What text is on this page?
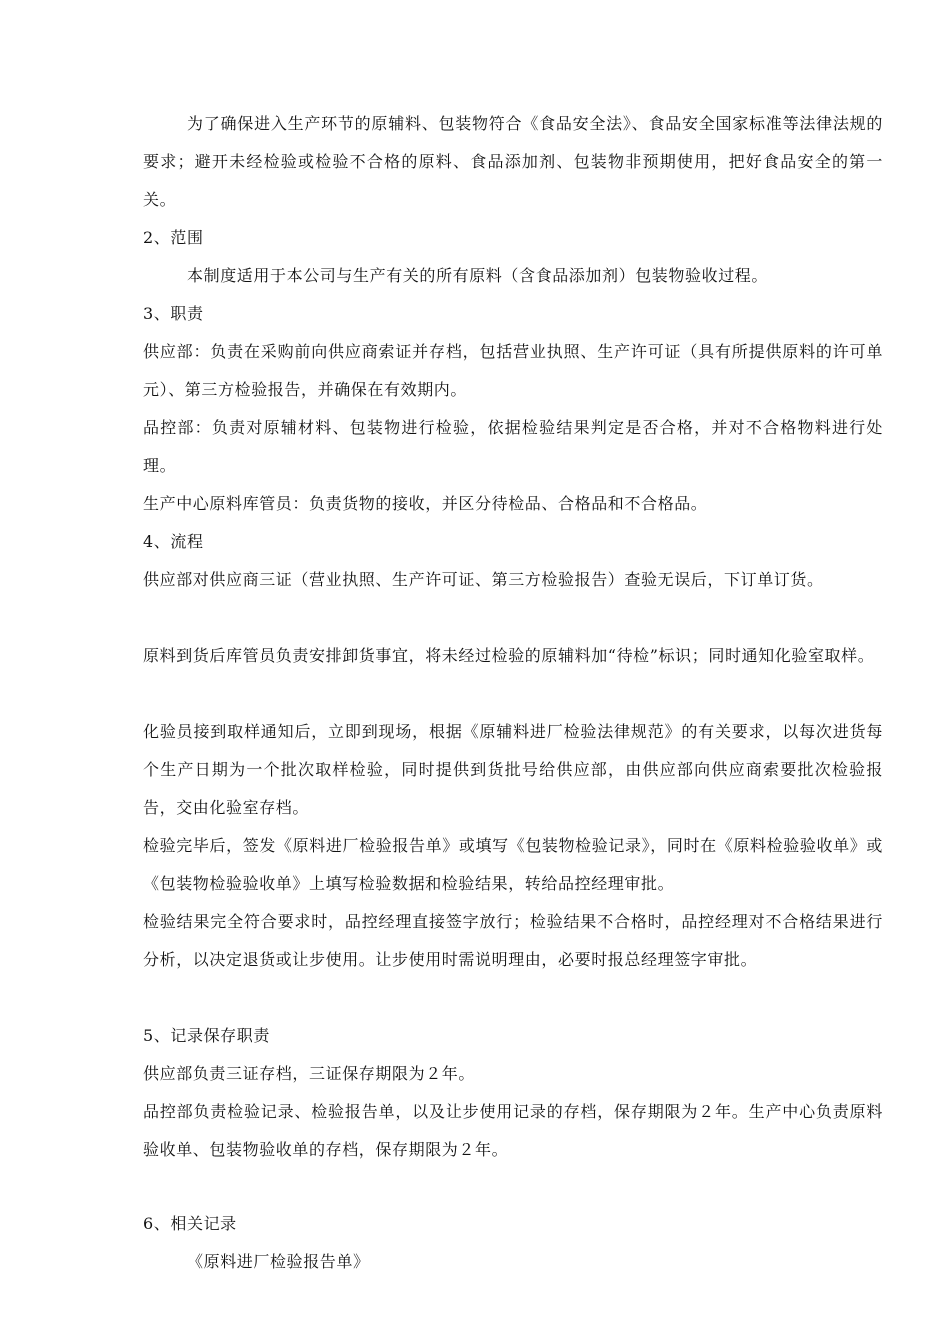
为了确保进入生产环节的原辅料、包装物符合《食品安全法》、食品安全国家标准等法律法规的要求；避开未经检验或检验不合格的原料、食品添加剂、包装物非预期使用，把好食品安全的第一关。

2、范围

本制度适用于本公司与生产有关的所有原料（含食品添加剂）包装物验收过程。

3、职责

供应部：负责在采购前向供应商索证并存档，包括营业执照、生产许可证（具有所提供原料的许可单元）、第三方检验报告，并确保在有效期内。

品控部：负责对原辅材料、包装物进行检验，依据检验结果判定是否合格，并对不合格物料进行处理。

生产中心原料库管员：负责货物的接收，并区分待检品、合格品和不合格品。

4、流程

供应部对供应商三证（营业执照、生产许可证、第三方检验报告）查验无误后，下订单订货。

原料到货后库管员负责安排卸货事宜，将未经过检验的原辅料加“待检”标识；同时通知化验室取样。

化验员接到取样通知后，立即到现场，根据《原辅料进厂检验法律规范》的有关要求，以每次进货每个生产日期为一个批次取样检验，同时提供到货批号给供应部，由供应部向供应商索要批次检验报告，交由化验室存档。

检验完毕后，签发《原料进厂检验报告单》或填写《包装物检验记录》，同时在《原料检验验收单》或《包装物检验验收单》上填写检验数据和检验结果，转给品控经理审批。

检验结果完全符合要求时，品控经理直接签字放行；检验结果不合格时，品控经理对不合格结果进行分析，以决定退货或让步使用。让步使用时需说明理由，必要时报总经理签字审批。

5、记录保存职责

供应部负责三证存档，三证保存期限为２年。

品控部负责检验记录、检验报告单，以及让步使用记录的存档，保存期限为２年。生产中心负责原料验收单、包装物验收单的存档，保存期限为２年。

6、相关记录

《原料进厂检验报告单》
